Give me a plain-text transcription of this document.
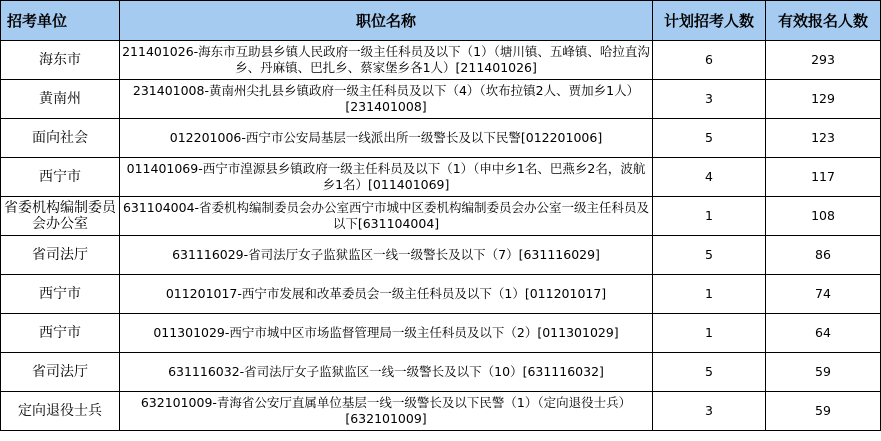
招考单位	职位名称	计划招考人数	有效报名人数
海东市	211401026-海东市互助县乡镇人民政府一级主任科员及以下（1）（塘川镇、五峰镇、哈拉直沟乡、丹麻镇、巴扎乡、蔡家堡乡各1人）[211401026]	6	293
黄南州	231401008-黄南州尖扎县乡镇政府一级主任科员及以下（4）（坎布拉镇2人、贾加乡1人）[231401008]	3	129
面向社会	012201006-西宁市公安局基层一线派出所一级警长及以下民警[012201006]	5	123
西宁市	011401069-西宁市湟源县乡镇政府一级主任科员及以下（1）（申中乡1名、巴燕乡2名，波航乡1名）[011401069]	4	117
省委机构编制委员会办公室	631104004-省委机构编制委员会办公室西宁市城中区委机构编制委员会办公室一级主任科员及以下[631104004]	1	108
省司法厅	631116029-省司法厅女子监狱监区一线一级警长及以下（7）[631116029]	5	86
西宁市	011201017-西宁市发展和改革委员会一级主任科员及以下（1）[011201017]	1	74
西宁市	011301029-西宁市城中区市场监督管理局一级主任科员及以下（2）[011301029]	1	64
省司法厅	631116032-省司法厅女子监狱监区一线一级警长及以下（10）[631116032]	5	59
定向退役士兵	632101009-青海省公安厅直属单位基层一线一级警长及以下民警（1）（定向退役士兵）[632101009]	3	59
